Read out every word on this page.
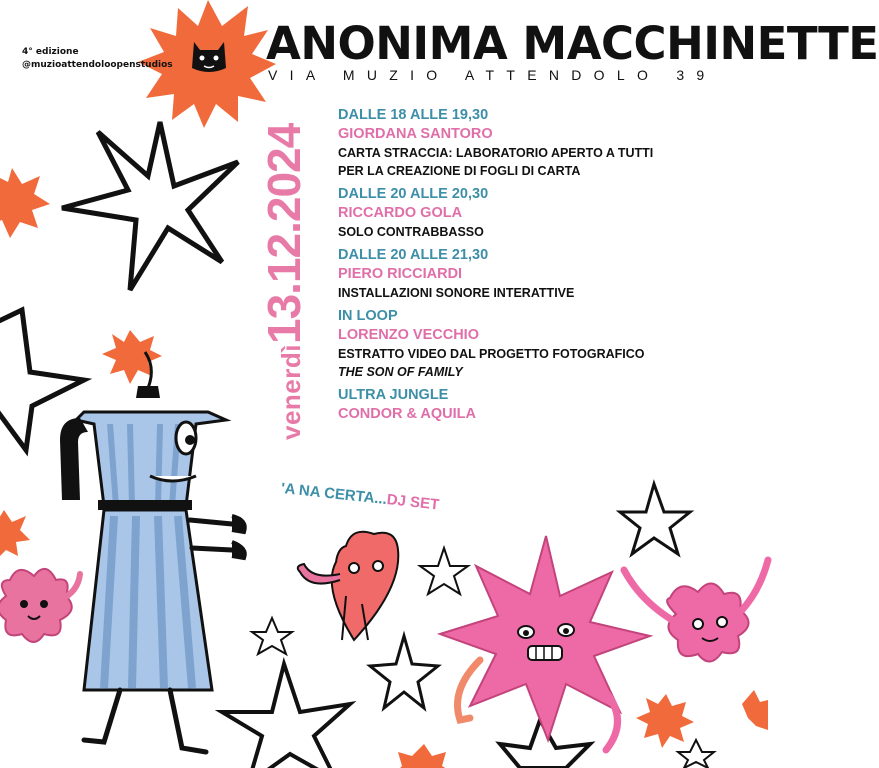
4° edizione

@muzioattendoloopenstudios ANONIMA MACCHINETTE

VIA MUZIO ATTENDOLO 39

venerdì13.12.2024
DALLE 18 ALLE 19,30
GIORDANA SANTORO
CARTA STRACCIA: LABORATORIO APERTO A TUTTI
PER LA CREAZIONE DI FOGLI DI CARTA
DALLE 20 ALLE 20,30
RICCARDO GOLA
SOLO CONTRABBASSO
DALLE 20 ALLE 21,30
PIERO RICCIARDI
INSTALLAZIONI SONORE INTERATTIVE
IN LOOP
LORENZO VECCHIO
ESTRATTO VIDEO DAL PROGETTO FOTOGRAFICO
THE SON OF FAMILY
ULTRA JUNGLE
CONDOR & AQUILA
'A NA CERTA...DJ SET
